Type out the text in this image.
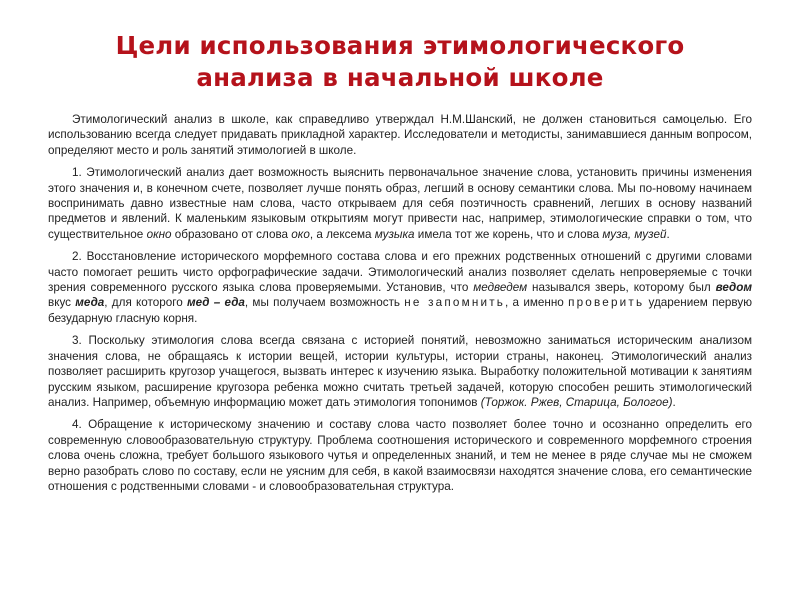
Цели использования этимологического
анализа в начальной школе

Этимологический анализ в школе, как справедливо утверждал Н.М.Шанский, не должен становиться самоцелью. Его использованию всегда следует придавать прикладной характер. Исследователи и методисты, занимавшиеся данным вопросом, определяют место и роль занятий этимологией в школе.

1. Этимологический анализ дает возможность выяснить первоначальное значение слова, установить причины изменения этого значения и, в конечном счете, позволяет лучше понять образ, легший в основу семантики слова. Мы по-новому начинаем воспринимать давно известные нам слова, часто открываем для себя поэтичность сравнений, легших в основу названий предметов и явлений. К маленьким языковым открытиям могут привести нас, например, этимологические справки о том, что существительное окно образовано от слова око, а лексема музыка имела тот же корень, что и слова муза, музей.

2. Восстановление исторического морфемного состава слова и его прежних родственных отношений с другими словами часто помогает решить чисто орфографические задачи. Этимологический анализ позволяет сделать непроверяемые с точки зрения современного русского языка слова проверяемыми. Установив, что медведем назывался зверь, которому был ведом вкус меда, для которого мед – еда, мы получаем возможность не запомнить, а именно проверить ударением первую безударную гласную корня.

3. Поскольку этимология слова всегда связана с историей понятий, невозможно заниматься историческим анализом значения слова, не обращаясь к истории вещей, истории культуры, истории страны, наконец. Этимологический анализ позволяет расширить кругозор учащегося, вызвать интерес к изучению языка. Выработку положительной мотивации к занятиям русским языком, расширение кругозора ребенка можно считать третьей задачей, которую способен решить этимологический анализ. Например, объемную информацию может дать этимология топонимов (Торжок. Ржев, Старица, Бологое).

4. Обращение к историческому значению и составу слова часто позволяет более точно и осознанно определить его современную словообразовательную структуру. Проблема соотношения исторического и современного морфемного строения слова очень сложна, требует большого языкового чутья и определенных знаний, и тем не менее в ряде случае мы не сможем верно разобрать слово по составу, если не уясним для себя, в какой взаимосвязи находятся значение слова, его семантические отношения с родственными словами - и словообразовательная структура.
